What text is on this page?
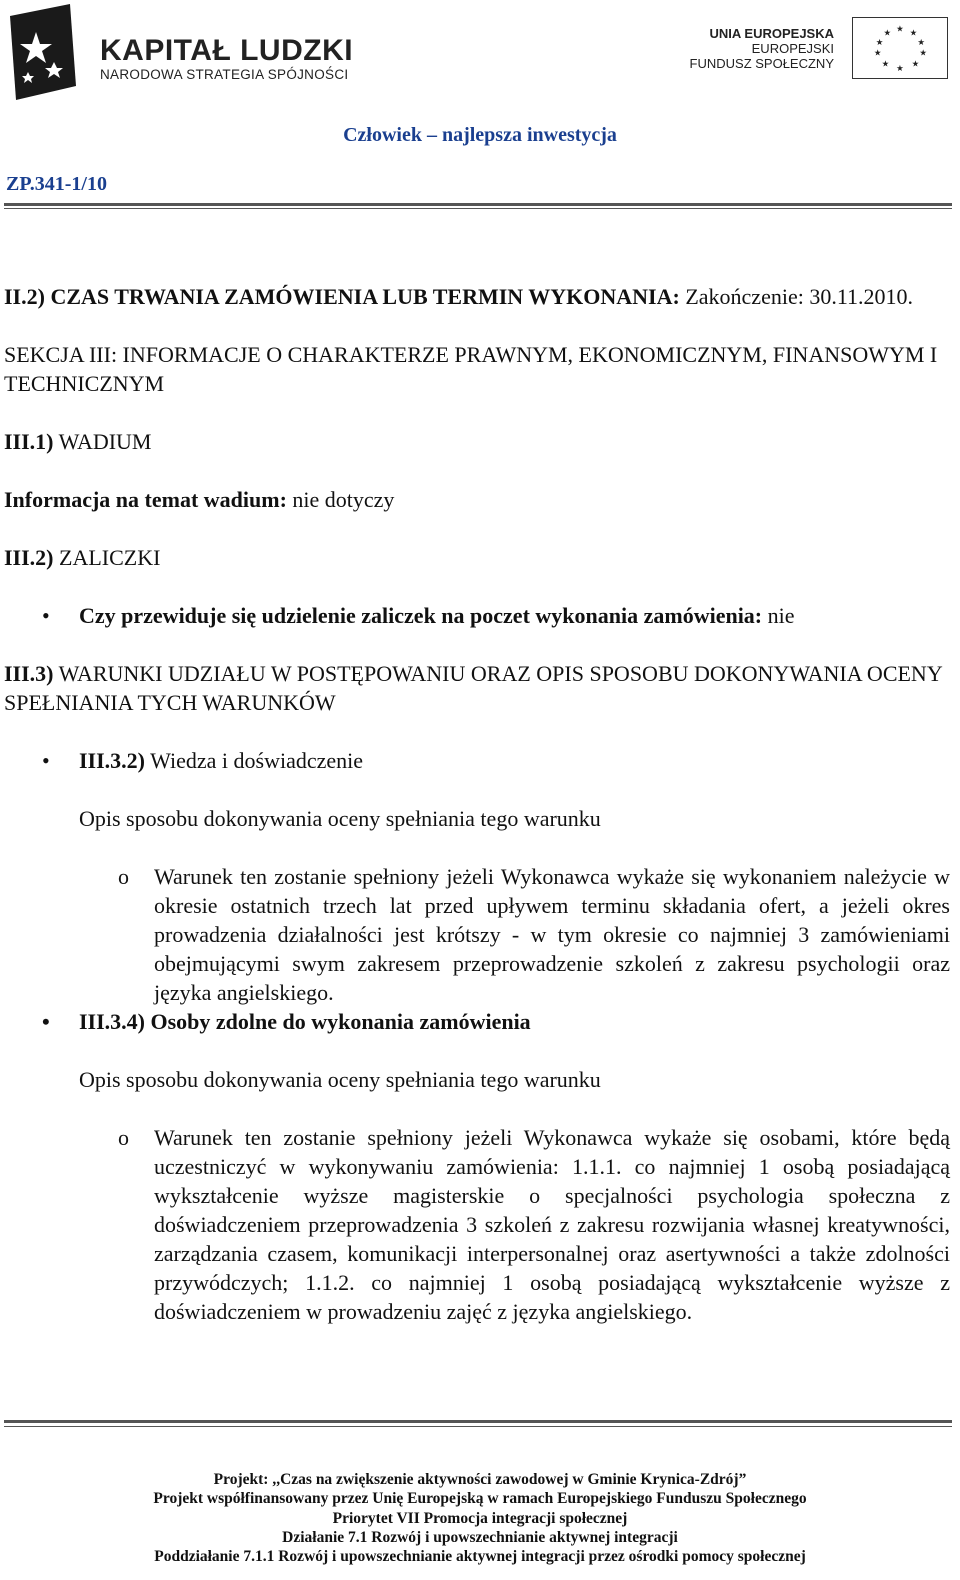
KAPITAŁ LUDZKI
NARODOWA STRATEGIA SPÓJNOŚCI
UNIA EUROPEJSKA
EUROPEJSKI
FUNDUSZ SPOŁECZNY
★ ★
★
★
★
★
★
★
★
★
Człowiek – najlepsza inwestycja
ZP.341-1/10

II.2) CZAS TRWANIA ZAMÓWIENIA LUB TERMIN WYKONANIA: Zakończenie: 30.11.2010.

SEKCJA III: INFORMACJE O CHARAKTERZE PRAWNYM, EKONOMICZNYM, FINANSOWYM I TECHNICZNYM

III.1) WADIUM

Informacja na temat wadium: nie dotyczy

III.2) ZALICZKI

• Czy przewiduje się udzielenie zaliczek na poczet wykonania zamówienia: nie

III.3) WARUNKI UDZIAŁU W POSTĘPOWANIU ORAZ OPIS SPOSOBU DOKONYWANIA OCENY SPEŁNIANIA TYCH WARUNKÓW

• III.3.2) Wiedza i doświadczenie

Opis sposobu dokonywania oceny spełniania tego warunku

o Warunek ten zostanie spełniony jeżeli Wykonawca wykaże się wykonaniem należycie w okresie ostatnich trzech lat przed upływem terminu składania ofert, a jeżeli okres prowadzenia działalności jest krótszy - w tym okresie co najmniej 3 zamówieniami obejmującymi swym zakresem przeprowadzenie szkoleń z zakresu psychologii oraz języka angielskiego.

• III.3.4) Osoby zdolne do wykonania zamówienia

Opis sposobu dokonywania oceny spełniania tego warunku

o Warunek ten zostanie spełniony jeżeli Wykonawca wykaże się osobami, które będą uczestniczyć w wykonywaniu zamówienia: 1.1.1. co najmniej 1 osobą posiadającą wykształcenie wyższe magisterskie o specjalności psychologia społeczna z doświadczeniem przeprowadzenia 3 szkoleń z zakresu rozwijania własnej kreatywności, zarządzania czasem, komunikacji interpersonalnej oraz asertywności a także zdolności przywódczych; 1.1.2. co najmniej 1 osobą posiadającą wykształcenie wyższe z doświadczeniem w prowadzeniu zajęć z języka angielskiego.

Projekt: ,,Czas na zwiększenie aktywności zawodowej w Gminie Krynica-Zdrój”
Projekt współfinansowany przez Unię Europejską w ramach Europejskiego Funduszu Społecznego
Priorytet VII Promocja integracji społecznej
Działanie 7.1 Rozwój i upowszechnianie aktywnej integracji
Poddziałanie 7.1.1 Rozwój i upowszechnianie aktywnej integracji przez ośrodki pomocy społecznej
